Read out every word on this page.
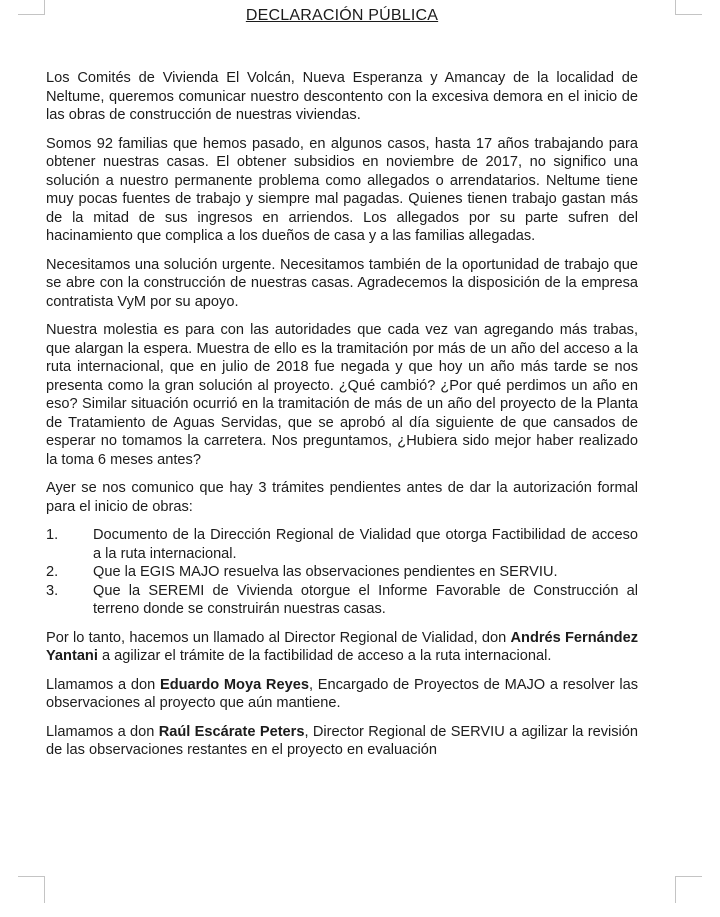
DECLARACIÓN PÚBLICA

Los Comités de Vivienda El Volcán, Nueva Esperanza y Amancay de la localidad de Neltume, queremos comunicar nuestro descontento con la excesiva demora en el inicio de las obras de construcción de nuestras viviendas.

Somos 92 familias que hemos pasado, en algunos casos, hasta 17 años trabajando para obtener nuestras casas. El obtener subsidios en noviembre de 2017, no significo una solución a nuestro permanente problema como allegados o arrendatarios. Neltume tiene muy pocas fuentes de trabajo y siempre mal pagadas. Quienes tienen trabajo gastan más de la mitad de sus ingresos en arriendos. Los allegados por su parte sufren del hacinamiento que complica a los dueños de casa y a las familias allegadas.

Necesitamos una solución urgente. Necesitamos también de la oportunidad de trabajo que se abre con la construcción de nuestras casas. Agradecemos la disposición de la empresa contratista VyM por su apoyo.

Nuestra molestia es para con las autoridades que cada vez van agregando más trabas, que alargan la espera. Muestra de ello es la tramitación por más de un año del acceso a la ruta internacional, que en julio de 2018 fue negada y que hoy un año más tarde se nos presenta como la gran solución al proyecto. ¿Qué cambió? ¿Por qué perdimos un año en eso? Similar situación ocurrió en la tramitación de más de un año del proyecto de la Planta de Tratamiento de Aguas Servidas, que se aprobó al día siguiente de que cansados de esperar no tomamos la carretera. Nos preguntamos, ¿Hubiera sido mejor haber realizado la toma 6 meses antes?

Ayer se nos comunico que hay 3 trámites pendientes antes de dar la autorización formal para el inicio de obras:

1.	Documento de la Dirección Regional de Vialidad que otorga Factibilidad de acceso a la ruta internacional.
2.	Que la EGIS MAJO resuelva las observaciones pendientes en SERVIU.
3.	Que la SEREMI de Vivienda otorgue el Informe Favorable de Construcción al terreno donde se construirán nuestras casas.

Por lo tanto, hacemos un llamado al Director Regional de Vialidad, don Andrés Fernández Yantani a agilizar el trámite de la factibilidad de acceso a la ruta internacional.

Llamamos a don Eduardo Moya Reyes, Encargado de Proyectos de MAJO a resolver las observaciones al proyecto que aún mantiene.

Llamamos a don Raúl Escárate Peters, Director Regional de SERVIU a agilizar la revisión de las observaciones restantes en el proyecto en evaluación
